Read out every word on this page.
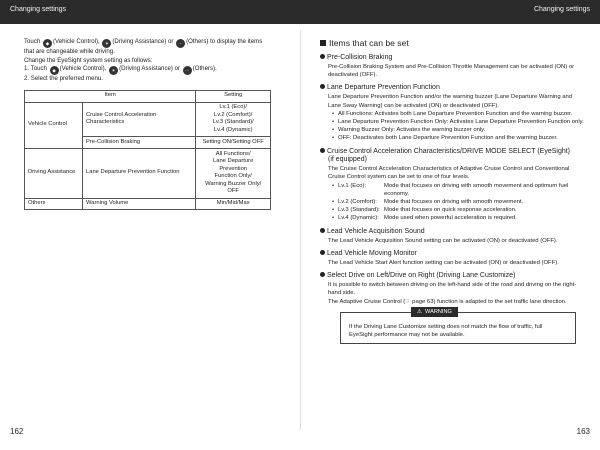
Changing settings	Changing settings
Touch ◆ (Vehicle Control), ✶ (Driving Assistance) or ⋯ (Others) to display the items
that are changeable while driving.
Change the EyeSight system setting as follows:
1. Touch ◆ (Vehicle Control), ✶ (Driving Assistance) or ⋯ (Others).
2. Select the preferred menu.
Item		Setting
Vehicle Control	Cruise Control Acceleration Characteristics	Lv.1 (Eco)/
Lv.2 (Comfort)/
Lv.3 (Standard)/
Lv.4 (Dynamic)
	Pre-Collision Braking	Setting ON/Setting OFF
Driving Assistance	Lane Departure Prevention Function	All Functions/
Lane Departure Prevention
Function Only/
Warning Buzzer Only/
OFF
Others	Warning Volume	Min/Mid/Max
Items that can be set
Pre-Collision Braking
Pre-Collision Braking System and Pre-Collision Throttle Management can be activated (ON) or deactivated (OFF).
Lane Departure Prevention Function
Lane Departure Prevention Function and/or the warning buzzer (Lane Departure Warning and Lane Sway Warning) can be activated (ON) or deactivated (OFF).
• All Functions: Activates both Lane Departure Prevention Function and the warning buzzer.
• Lane Departure Prevention Function Only: Activates Lane Departure Prevention Function only.
• Warning Buzzer Only: Activates the warning buzzer only.
• OFF: Deactivates both Lane Departure Prevention Function and the warning buzzer.
Cruise Control Acceleration Characteristics/DRIVE MODE SELECT (EyeSight)
(if equipped)
The Cruise Control Acceleration Characteristics of Adaptive Cruise Control and Conventional Cruise Control system can be set to one of four levels.
• Lv.1 (Eco):	Mode that focuses on driving with smooth movement and optimum fuel economy.
• Lv.2 (Comfort):	Mode that focuses on driving with smooth movement.
• Lv.3 (Standard): Mode that focuses on quick response acceleration.
• Lv.4 (Dynamic): Mode used when powerful acceleration is required.
Lead Vehicle Acquisition Sound
The Lead Vehicle Acquisition Sound setting can be activated (ON) or deactivated (OFF).
Lead Vehicle Moving Monitor
The Lead Vehicle Start Alert function setting can be activated (ON) or deactivated (OFF).
Select Drive on Left/Drive on Right (Driving Lane Customize)
It is possible to switch between driving on the left-hand side of the road and driving on the right-hand side.
The Adaptive Cruise Control (☞ page 63) function is adapted to the set traffic lane direction.
⚠ WARNING
If the Driving Lane Customize setting does not match the flow of traffic, full EyeSight performance may not be available.
162	163
